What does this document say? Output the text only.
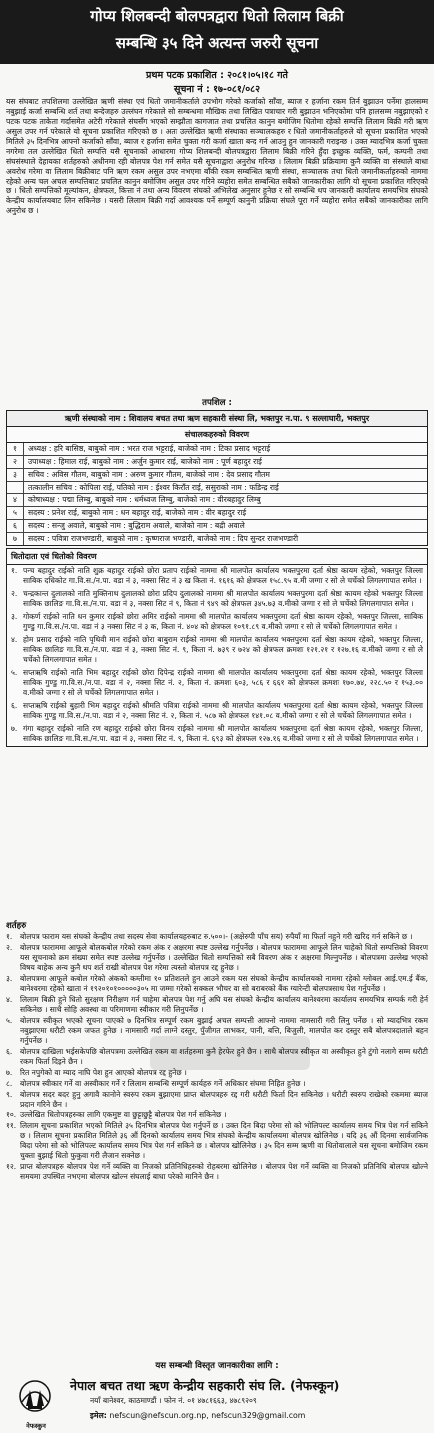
गोप्य शिलबन्दी बोलपत्रद्वारा धितो लिलाम बिक्री
सम्बन्धि ३५ दिने अत्यन्त जरुरी सूचना
प्रथम पटक प्रकाशित : २०८१।०५।१८ गते
सूचना नं : १७-०८१/०८२
यस संघबाट तपशिलमा उल्लेखित ऋणी संस्था एवं धितो जमानीकर्ताले उपभोग गरेको कर्जाको साँवा, ब्याज र हर्जाना रकम तिर्न बुझाउन पर्नेमा हालसम्म नबुझाई कर्जा सम्बन्धि शर्त तथा बन्देजहरु उल्लंघन गरेकाले सो सम्बन्धमा मौखिक तथा लिखित पत्राचार गरी बुझाउन भनिएकोमा पनि हालसम्म नबुझाएको र पटक पटक ताकेता गर्दासमेत अटेरी गरेकाले संघसँग भएको सम्झौता कागजात तथा प्रचलित कानुन बमोजिम धितोमा रहेको सम्पत्ति लिलाम बिक्री गरी ऋण असुल उपर गर्न परेकाले यो सूचना प्रकाशित गरिएको छ । अतः उल्लेखित ऋणी संस्थाका सञ्चालकहरु र धितो जमानीकर्ताहरुले यो सूचना प्रकाशित भएको मितिले ३५ दिनभित्र आफ्नो कर्जाको साँवा, ब्याज र हर्जाना समेत चुक्ता गरी कर्जा खाता बन्द गर्न आउनु हुन जानकारी गराइन्छ । उक्त म्यादभित्र कर्जा चुक्ता नगरेमा तल उल्लेखित धितो सम्पत्ति यसै सूचनाको आधारमा गोप्य शिलबन्दी बोलपत्रद्वारा लिलाम बिक्री गरिने हुँदा इच्छुक व्यक्ति, फर्म, कम्पनी तथा संघसंस्थाले देहायका शर्तहरुको अधीनमा रही बोलपत्र पेश गर्न समेत यसै सूचनाद्वारा अनुरोध गरिन्छ । लिलाम बिक्री प्रक्रियामा कुनै व्यक्ति वा संस्थाले बाधा अवरोध गरेमा वा लिलाम बिक्रीबाट पनि ऋण रकम असुल उपर नभएमा बाँकी रकम सम्बन्धित ऋणी संस्था, सञ्चालक तथा धितो जमानीकर्ताहरुको नाममा रहेको अन्य चल अचल सम्पत्तिबाट प्रचलित कानुन बमोजिम असुल उपर गरिने व्यहोरा समेत सम्बन्धित सबैको जानकारीका लागि यो सूचना प्रकाशित गरिएको छ । धितो सम्पत्तिको मूल्यांकन, क्षेत्रफल, कित्ता नं तथा अन्य विवरण संघको अभिलेख अनुसार हुनेछ र सो सम्बन्धि थप जानकारी कार्यालय समयभित्र संघको केन्द्रीय कार्यालयबाट लिन सकिनेछ । यसरी लिलाम बिक्री गर्दा आवश्यक पर्ने सम्पूर्ण कानुनी प्रक्रिया संघले पूरा गर्ने व्यहोरा समेत सबैको जानकारीका लागि अनुरोध छ ।
तपशिल :
ऋणी संस्थाको नाम : शिवालय बचत तथा ऋण सहकारी संस्था लि, भक्तपुर न.पा. ९ सल्लाघारी, भक्तपुर
संचालकहरुको विवरण
१	अध्यक्ष : हरि बासिष्ठ, बाबुको नाम : भरत राज भट्टराई, बाजेको नाम : टिका प्रसाद भट्टराई
२	उपाध्यक्ष : हिमाल राई, बाबुको नाम : अर्जुन कुमार राई, बाजेको नाम : पूर्ण बहादुर राई
३	सचिव : अविस गौतम, बाबुको नाम : अरुण कुमार गौतम, बाजेको नाम : देव प्रसाद गौतम
तत्कालीन सचिव : कोपिला राई, पतिको नाम : ईश्वर किराँत राई, ससुराको नाम : फडिन्द्र राई
४	कोषाध्यक्ष : पद्मा लिम्बु, बाबुको नाम : धर्मध्वज लिम्बु, बाजेको नाम : वीरबहादुर लिम्बु
५	सदस्य : प्रनेश राई, बाबुको नाम : धन बहादुर राई, बाजेको नाम : वीर बहादुर राई
६	सदस्य : सन्जु अवाले, बाबुको नाम : बुद्धिराम अवाले, बाजेको नाम : बद्री अवाले
७	सदस्य : पवित्रा राजभण्डारी, बाबुको नाम : कृष्णराज भण्डारी, बाजेको नाम : दिप सुन्दर राजभण्डारी
धितोदाता एवं धितोको विवरण
१. पन्च बहादुर राईको नाति शुक्र बहादुर राईको छोरा प्रताप राईको नाममा श्री मालपोत कार्यालय भक्तपुरमा दर्ता श्रेष्ठा कायम रहेको, भक्तपुर जिल्ला साबिक दधिकोट गा.वि.स./न.पा. वडा नं ३, नक्सा सिट नं ३ ख किता नं. १६१६ को क्षेत्रफल १५८.९५ व.मी जग्गा र सो ले चर्चेको लिगलगापात समेत ।
२. चन्द्रकान्त दुलालको नाति मुक्तिनाथ दुलालको छोरा प्रदिप दुलालको नाममा श्री मालपोत कार्यालय भक्तपुरमा दर्ता श्रेष्ठा कायम रहेको भक्तपुर जिल्ला साबिक छालिङ गा.वि.स./न.पा. वडा नं ३, नक्सा सिट नं ९, किता नं ९४९ को क्षेत्रफल ३४५.७३ व.मीको जग्गा र सो ले चर्चेको लिगलगापात समेत ।
३. गोकर्ण राईको नाति धन कुमार राईको छोरा अमिर राईको नाममा श्री मालपोत कार्यालय भक्तपुरमा दर्ता श्रेष्ठा कायम रहेको, भक्तपुर जिल्ला, साबिक गुण्डु गा.वि.स./न.पा. वडा नं ३ नक्सा सिट नं ३ क, किता नं. ४०४ को क्षेत्रफल १०९१.८९ व.मीको जग्गा र सो ले चर्चेको लिगलगापात समेत ।
४. होम प्रसाद राईको नाति पृथिवी मान राईको छोरा बाबुराम राईको नाममा श्री मालपोत कार्यालय भक्तपुरमा दर्ता श्रेष्ठा कायम रहेको, भक्तपुर जिल्ला, साबिक छालिङ गा.वि.स./न.पा. वडा नं ३, नक्सा सिट नं. ९, किता नं. ७३९ र ७२४ को क्षेत्रफल क्रमशः १२१.२१ र १२७.१६ व.मीको जग्गा र सो ले चर्चेको लिगलगापात समेत ।
५. सप्तऋषि राईको नाति भिम बहादुर राईको छोरा दिपेन्द्र राईको नाममा श्री मालपोत कार्यालय भक्तपुरमा दर्ता श्रेष्ठा कायम रहेको, भक्तपुर जिल्ला साबिक गुण्डु गा.वि.स./न.पा. वडा नं २, नक्सा सिट नं. २, किता नं. क्रमशः ६०३, ५८६ र ६६१ को क्षेत्रफल क्रमशः १७०.७४, २२८.५० र १५३.०० व.मीको जग्गा र सो ले चर्चेको लिगलगापात समेत ।
६. सप्तऋषि राईको बुहारी भिम बहादुर राईको श्रीमति पवित्रा राईको नाममा श्री मालपोत कार्यालय भक्तपुरमा दर्ता श्रेष्ठा कायम रहेको, भक्तपुर जिल्ला साबिक गुण्डु गा.वि.स./न.पा. वडा नं २, नक्सा सिट नं. २, किता नं. ५८७ को क्षेत्रफल १४१.०८ व.मीको जग्गा र सो ले चर्चेको लिगलगापात समेत ।
७. गंगा बहादुर राईको नाति रण बहादुर राईको छोरा विनय राईको नाममा श्री मालपोत कार्यालय भक्तपुरमा दर्ता श्रेष्ठा कायम रहेको, भक्तपुर जिल्ला, साबिक छालिङ गा.वि.स./न.पा. वडा नं ३, नक्सा सिट नं. ९, किता नं. ६९३ को क्षेत्रफल १२७.१६ व.मीको जग्गा र सो ले चर्चेको लिगलगापात समेत ।
शर्तहरु
१.	बोलपत्र फाराम यस संघको केन्द्रीय तथा सदस्य सेवा कार्यालयहरुबाट रु.५००।- (अक्षेरुपी पाँच सय) रुपैयाँ मा फिर्ता नहुने गरी खरिद गर्न सकिने छ ।
२.	बोलपत्र फाराममा आफूले बोलकबोल गरेको रकम अंक र अक्षरमा स्पष्ट उल्लेख गर्नुपर्नेछ । बोलपत्र फाराममा आफूले लिन चाहेको धितो सम्पत्तिको विवरण यस सूचनाको क्रम संख्या समेत स्पष्ट उल्लेख गर्नुपर्नेछ । उल्लेखित धितो सम्पत्तिको सबै विवरण अंक र अक्षरमा मिल्नुपर्नेछ । बोलपत्रमा उल्लेख भएको विषय बाहेक अन्य कुनै थप शर्त राखी बोलपत्र पेश गरेमा त्यस्तो बोलपत्र रद्द हुनेछ ।
३.	बोलपत्रमा आफूले कबोल गरेको अंकको कम्तीमा १० प्रतिशतले हुन आउने रकम यस संघको केन्द्रीय कार्यालयको नाममा रहेको ग्लोबल आई.एम.ई बैंक, बानेश्वरमा रहेको खाता नं १९२०१०१०००००३०५ मा जम्मा गरेको सक्कल भौचर वा सो बराबरको बैंक ग्यारेन्टी बोलपत्रसाथ पेश गर्नुपर्नेछ ।
४.	लिलाम बिक्री हुने धितो सुरक्षण निरीक्षण गर्न चाहेमा बोलपत्र पेश गर्नु अघि यस संघको केन्द्रीय कार्यालय बानेश्वरमा कार्यालय समयभित्र सम्पर्क गरी हेर्न सकिनेछ । साथै सोहि अवस्था वा परिमाणमा स्वीकार गरी लिनुपर्नेछ ।
५.	बोलपत्र स्वीकृत भएको सूचना पाएको ७ दिनभित्र सम्पूर्ण रकम बुझाई अचल सम्पत्ती आफ्नो नाममा नामसारी गरी लिनु पर्नेछ । सो म्यादभित्र रकम नबुझाएमा धरौटी रकम जफत हुनेछ । नामसारी गर्दा लाग्ने दस्तुर, पुँजीगत लाभकर, पानी, बत्ति, बिजुली, मालपोत कर दस्तुर सबै बोलपत्रदाताले बहन गर्नुपर्नेछ ।
६.	बोलपत्र दाखिला भईसकेपछि बोलपत्रमा उल्लेखित रकम वा शर्तहरुमा कुनै हेरफेर हुने छैन । साथै बोलपत्र स्वीकृत वा अस्वीकृत हुने टुंगो नलागे सम्म धरौटी रकम फिर्ता दिइने छैन ।
७.	रित नपुगेको वा म्याद नाघि पेश हुन आएको बोलपत्र रद्द हुनेछ ।
८.	बोलपत्र स्वीकार गर्ने वा अस्वीकार गर्ने र लिलाम सम्बन्धि सम्पूर्ण कार्यहरु गर्ने अधिकार संघमा निहित हुनेछ ।
९.	बोलपत्र सदर बदर हुनु अगावै कानोने स्वरुप रकम बुझाएमा प्राप्त बोलपत्रहरु रद्द गरी धरौटी फिर्ता दिन सकिनेछ । धरौटी स्वरुप राखेको रकममा ब्याज प्रदान गरिने छैन ।
१०. उल्लेखित धितोपत्रहरुका लागि एकमुष्ट वा छुट्टाछुट्टै बोलपत्र पेश गर्न सकिनेछ ।
११. लिलाम सूचना प्रकाशित भएको मितिले ३५ दिनभित्र बोलपत्र पेश गर्नुपर्ने छ । उक्त दिन बिदा परेमा सो को भोलिपल्ट कार्यालय समय भित्र पेश गर्न सकिने छ । लिलाम सूचना प्रकाशित मितिले ३६ औं दिनको कार्यालय समय भित्र संघको केन्द्रीय कार्यालयमा बोलपत्र खोलिनेछ । यदि ३६ औं दिनमा सार्वजनिक बिदा परेमा सो को भोलिपल्ट कार्यालय समय भित्र पेश गर्न सकिने छ । बोलपत्र खोलिनेछ । ३५ दिन सम्म ऋणी वा धितोवालाले यस सूचना बमोजिम रकम चुक्ता बुझाई धितो फुकुवा गरी लैजान सक्नेछ ।
१२. प्राप्त बोलपत्रहरु बोलपत्र पेश गर्ने व्यक्ति वा निजको प्रतिनिधिहरुको रोहबरमा खोलिनेछ । बोलपत्र पेश गर्ने व्यक्ति वा निजको प्रतिनिधि बोलपत्र खोल्ने समयमा उपस्थित नभएमा बोलपत्र खोल्न संघलाई बाधा परेको मानिने छैन ।
यस सम्बन्धी विस्तृत जानकारीका लागि :
नेफस्कुन
नेपाल बचत तथा ऋण केन्द्रीय सहकारी संघ लि. (नेफस्कून)
नयाँ बानेश्वर, काठमाण्डौं । फोन नं. ०१ ४७८१६६३, ४७८९२०९
इमेल: nefscun@nefscun.org.np, nefscun329@gmail.com
